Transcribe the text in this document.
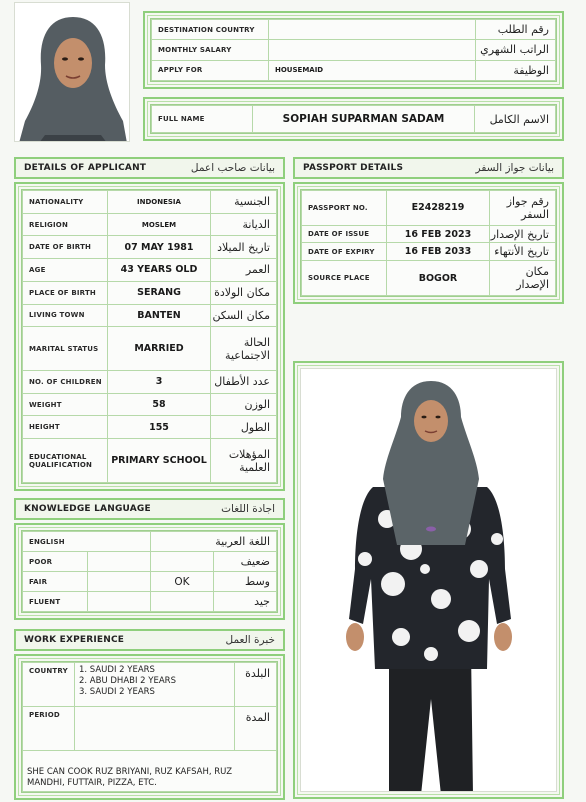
DESTINATION COUNTRY		رقم الطلب
MONTHLY SALARY		الراتب الشهري
APPLY FOR	HOUSEMAID	الوظيفة
FULL NAME	SOPIAH SUPARMAN SADAM	الاسم الكامل
DETAILS OF APPLICANT	بيانات صاحب اعمل
NATIONALITY	INDONESIA	الجنسية
RELIGION	MOSLEM	الديانة
DATE OF BIRTH	07 MAY 1981	تاريخ الميلاد
AGE	43 YEARS OLD	العمر
PLACE OF BIRTH	SERANG	مكان الولادة
LIVING TOWN	BANTEN	مكان السكن
MARITAL STATUS	MARRIED	الحالة الاجتماعية
NO. OF CHILDREN	3	عدد الأطفال
WEIGHT	58	الوزن
HEIGHT	155	الطول
EDUCATIONAL QUALIFICATION	PRIMARY SCHOOL	المؤهلات العلمية
PASSPORT DETAILS	بيانات جواز السفر
PASSPORT NO.	E2428219	رقم جواز السفر
DATE OF ISSUE	16 FEB 2023	تاريخ الإصدار
DATE OF EXPIRY	16 FEB 2033	تاريخ الأنتهاء
SOURCE PLACE	BOGOR	مكان الإصدار
KNOWLEDGE LANGUAGE	اجادة اللغات
ENGLISH		اللغة العربية	
POOR			ضعيف
FAIR		OK	وسط
FLUENT			جيد
WORK EXPERIENCE	خبرة العمل
COUNTRY	1. SAUDI 2 YEARS
2. ABU DHABI 2 YEARS
3. SAUDI 2 YEARS	البلدة
PERIOD		المدة

SHE CAN COOK RUZ BRIYANI, RUZ KAFSAH, RUZ
MANDHI, FUTTAIR, PIZZA, ETC.		
